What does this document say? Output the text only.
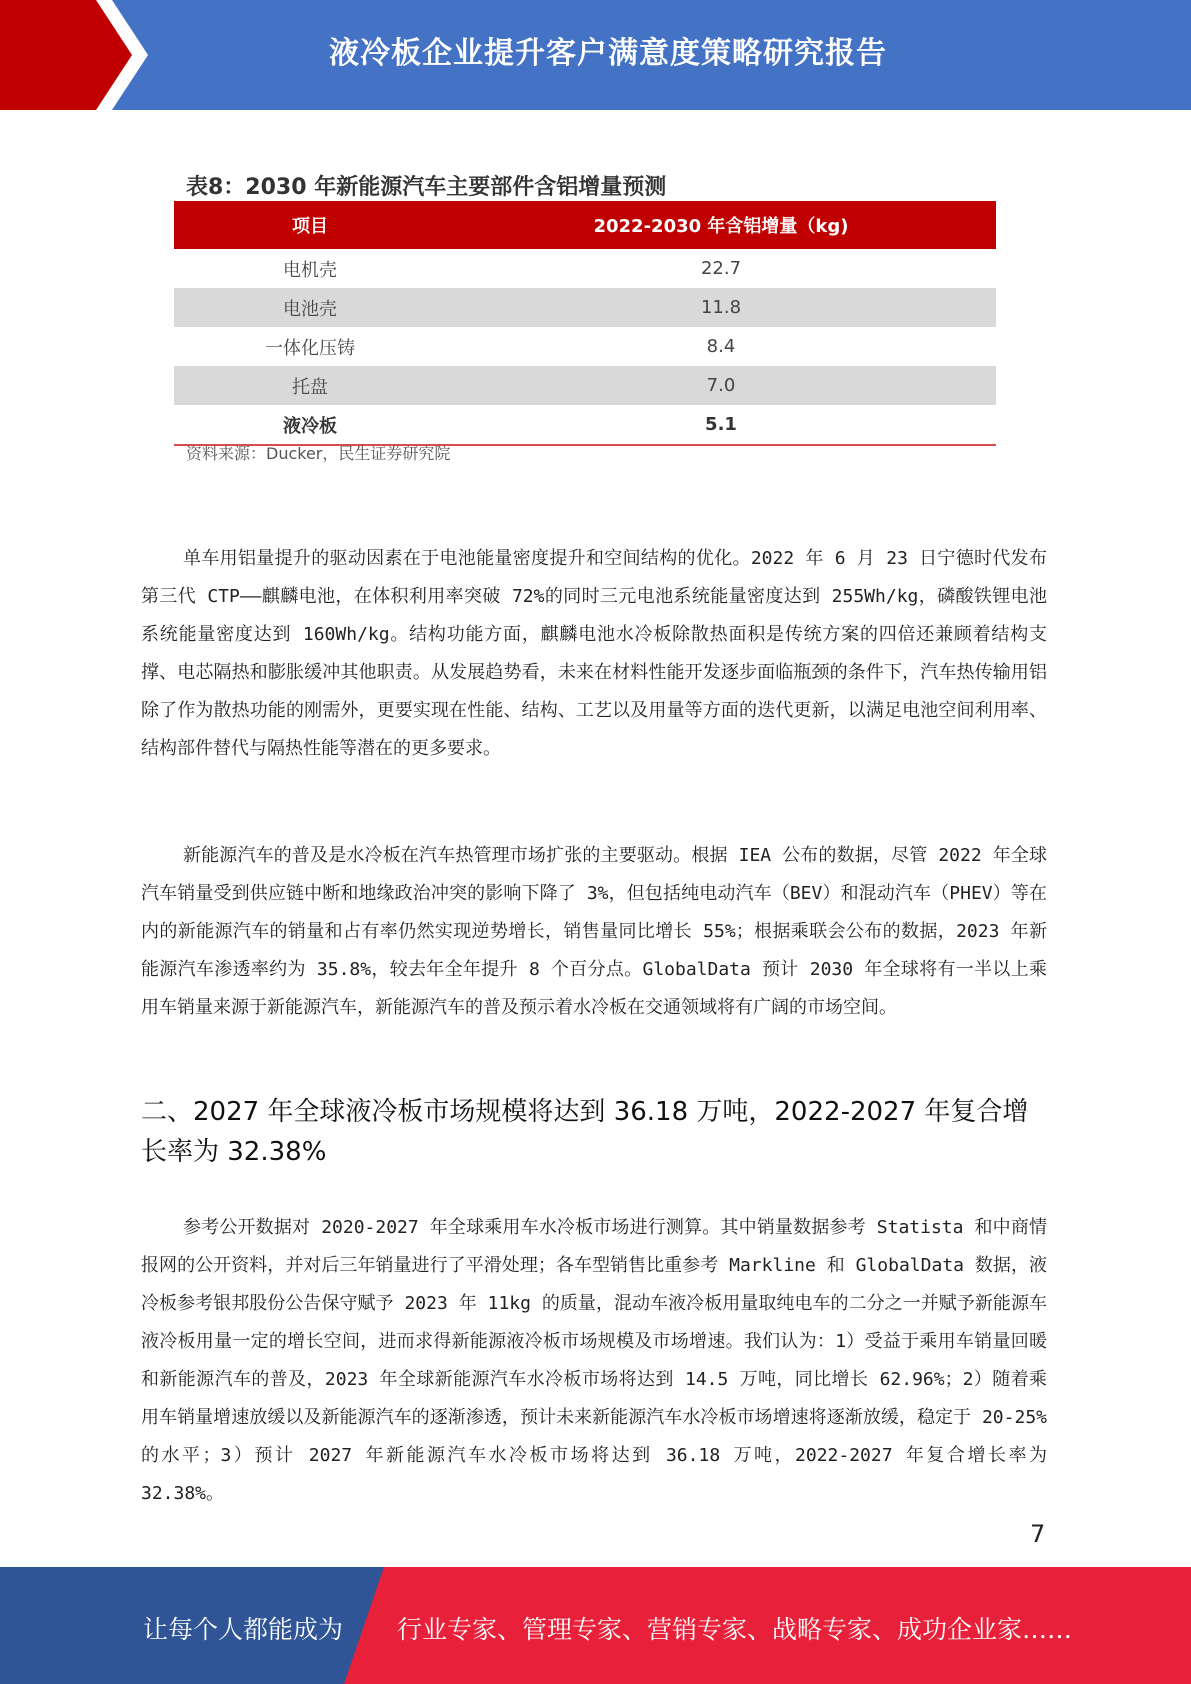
液冷板企业提升客户满意度策略研究报告
表8：2030 年新能源汽车主要部件含铝增量预测
项目	2022-2030 年含铝增量（kg)
电机壳	22.7
电池壳	11.8
一体化压铸	8.4
托盘	7.0
液冷板	5.1
资料来源：Ducker，民生证券研究院

单车用铝量提升的驱动因素在于电池能量密度提升和空间结构的优化。2022 年 6 月 23 日宁德时代发布第三代 CTP——麒麟电池，在体积利用率突破 72%的同时三元电池系统能量密度达到 255Wh/kg，磷酸铁锂电池系统能量密度达到 160Wh/kg。结构功能方面，麒麟电池水冷板除散热面积是传统方案的四倍还兼顾着结构支撑、电芯隔热和膨胀缓冲其他职责。从发展趋势看，未来在材料性能开发逐步面临瓶颈的条件下，汽车热传输用铝除了作为散热功能的刚需外，更要实现在性能、结构、工艺以及用量等方面的迭代更新，以满足电池空间利用率、结构部件替代与隔热性能等潜在的更多要求。

新能源汽车的普及是水冷板在汽车热管理市场扩张的主要驱动。根据 IEA 公布的数据，尽管 2022 年全球汽车销量受到供应链中断和地缘政治冲突的影响下降了 3%，但包括纯电动汽车（BEV）和混动汽车（PHEV）等在内的新能源汽车的销量和占有率仍然实现逆势增长，销售量同比增长 55%；根据乘联会公布的数据，2023 年新能源汽车渗透率约为 35.8%，较去年全年提升 8 个百分点。GlobalData 预计 2030 年全球将有一半以上乘用车销量来源于新能源汽车，新能源汽车的普及预示着水冷板在交通领域将有广阔的市场空间。

二、2027 年全球液冷板市场规模将达到 36.18 万吨，2022-2027 年复合增长率为 32.38%

参考公开数据对 2020-2027 年全球乘用车水冷板市场进行测算。其中销量数据参考 Statista 和中商情报网的公开资料，并对后三年销量进行了平滑处理；各车型销售比重参考 Markline 和 GlobalData 数据，液冷板参考银邦股份公告保守赋予 2023 年 11kg 的质量，混动车液冷板用量取纯电车的二分之一并赋予新能源车液冷板用量一定的增长空间，进而求得新能源液冷板市场规模及市场增速。我们认为：1）受益于乘用车销量回暖和新能源汽车的普及，2023 年全球新能源汽车水冷板市场将达到 14.5 万吨，同比增长 62.96%；2）随着乘用车销量增速放缓以及新能源汽车的逐渐渗透，预计未来新能源汽车水冷板市场增速将逐渐放缓，稳定于 20-25%的水平；3）预计 2027 年新能源汽车水冷板市场将达到 36.18 万吨，2022-2027 年复合增长率为 32.38%。

7
让每个人都能成为 行业专家、管理专家、营销专家、战略专家、成功企业家……
